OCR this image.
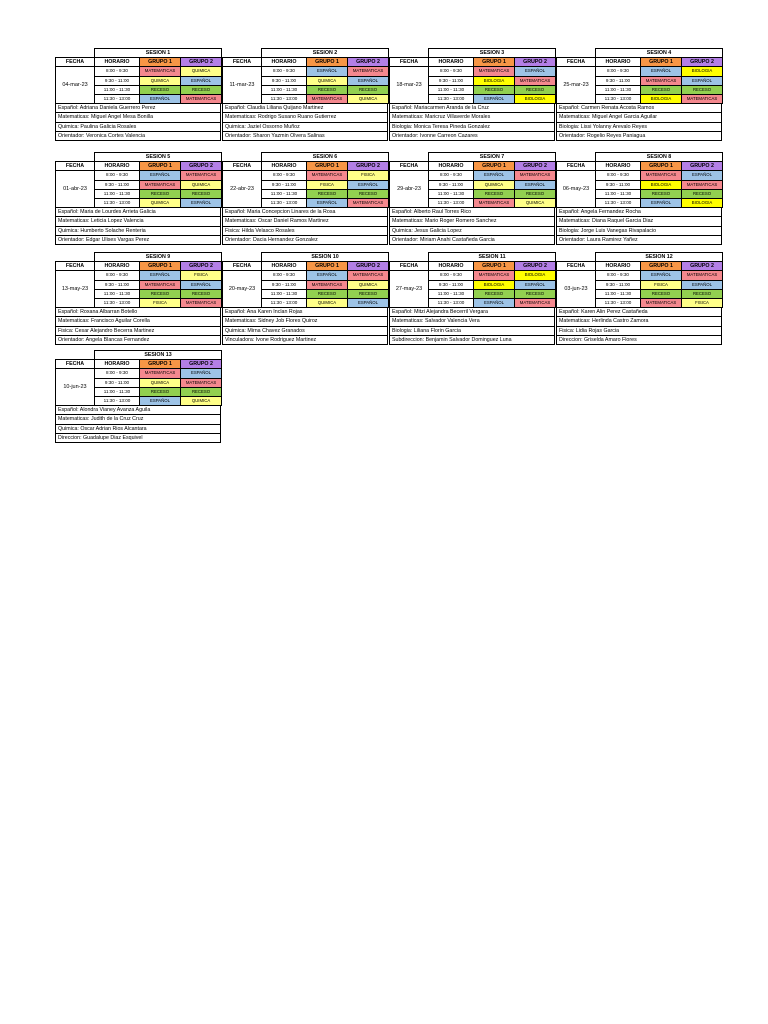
	SESION 1		
FECHA	HORARIO	GRUPO 1	GRUPO 2
04-mar-23	8:00 - 9:30	MATEMATICAS	QUIMICA
	9:30 - 11:00	QUIMICA	ESPAÑOL
	11:00 - 11:30	RECESO	RECESO
	11:30 - 13:00	ESPAÑOL	MATEMATICAS
Español: Adriana Daniela Guerrero Perez
Matematicas: Miguel Angel Mesa Bonilla
Quimica: Paulina Galicia Rosales
Orientador: Veronica Cortes Valencia
	SESION 2		
FECHA	HORARIO	GRUPO 1	GRUPO 2
11-mar-23	8:00 - 9:30	ESPAÑOL	MATEMATICAS
	9:30 - 11:00	QUIMICA	ESPAÑOL
	11:00 - 11:30	RECESO	RECESO
	11:30 - 13:00	MATEMATICAS	QUIMICA
Español: Claudia Liliana Quijano Martinez
Matematicas: Rodrigo Susano Ruano Gutierrez
Quimica: Jaziel Ossorno Muñoz
Orientador: Sharon Yazmin Olvera Salinas
	SESION 3		
FECHA	HORARIO	GRUPO 1	GRUPO 2
18-mar-23	8:00 - 9:30	MATEMATICAS	ESPAÑOL
	9:30 - 11:00	BIOLOGIA	MATEMATICAS
	11:00 - 11:30	RECESO	RECESO
	11:30 - 13:00	ESPAÑOL	BIOLOGIA
Español: Mariacarmen Aranda de la Cruz
Matematicas: Maricruz Villaverde Morales
Biologia: Monica Teresa Pineda Gonzalez
Orientador: Ivonne Carreon Cazares
	SESION 4		
FECHA	HORARIO	GRUPO 1	GRUPO 2
25-mar-23	8:00 - 9:30	ESPAÑOL	BIOLOGIA
	9:30 - 11:00	MATEMATICAS	ESPAÑOL
	11:00 - 11:30	RECESO	RECESO
	11:30 - 13:00	BIOLOGIA	MATEMATICAS
Español: Carmen Renata Acosta Ramos
Matematicas: Miguel Angel Garcia Aguilar
Biologia: Lissi Yolanny Arevalo Reyes
Orientador: Rogelio Reyes Paniagua
	SESION 5		
FECHA	HORARIO	GRUPO 1	GRUPO 2
01-abr-23	8:00 - 9:30	ESPAÑOL	MATEMATICAS
	9:30 - 11:00	MATEMATICAS	QUIMICA
	11:00 - 11:30	RECESO	RECESO
	11:30 - 13:00	QUIMICA	ESPAÑOL
Español: Maria de Lourdes Arrieta Galicia
Matematicas: Leticia Lopez Valencia
Quimica: Humberto Solache Renteria
Orientador: Edgar Ulises Vargas Perez
	SESION 6		
FECHA	HORARIO	GRUPO 1	GRUPO 2
22-abr-23	8:00 - 9:30	MATEMATICAS	FISICA
	9:30 - 11:00	FISICA	ESPAÑOL
	11:00 - 11:30	RECESO	RECESO
	11:30 - 13:00	ESPAÑOL	MATEMATICAS
Español: Maria Concepcion Linares de la Rosa
Matematicas: Oscar Daniel Ramos Martinez
Fisica: Hilda Velasco Rosales
Orientador: Dacia Hernandez Gonzalez
	SESION 7		
FECHA	HORARIO	GRUPO 1	GRUPO 2
29-abr-23	8:00 - 9:30	ESPAÑOL	MATEMATICAS
	9:30 - 11:00	QUIMICA	ESPAÑOL
	11:00 - 11:30	RECESO	RECESO
	11:30 - 13:00	MATEMATICAS	QUIMICA
Español: Alberto Raul Torres Rico
Matematicas: Mario Roger Romero Sanchez
Quimica: Jesus Galicia Lopez
Orientador: Miriam Anahi Castañeda Garcia
	SESION 8		
FECHA	HORARIO	GRUPO 1	GRUPO 2
06-may-23	8:00 - 9:30	MATEMATICAS	ESPAÑOL
	9:30 - 11:00	BIOLOGIA	MATEMATICAS
	11:00 - 11:30	RECESO	RECESO
	11:30 - 13:00	ESPAÑOL	BIOLOGIA
Español: Angela Fernandez Rocha
Matematicas: Diana Raquel Garcia Diaz
Biologia: Jorge Luis Vanegas Rivapalacio
Orientador: Laura Ramirez Yañez
	SESION 9		
FECHA	HORARIO	GRUPO 1	GRUPO 2
13-may-23	8:00 - 9:30	ESPAÑOL	FISICA
	9:30 - 11:00	MATEMATICAS	ESPAÑOL
	11:00 - 11:30	RECESO	RECESO
	11:30 - 13:00	FISICA	MATEMATICAS
Español: Roxana Albarran Botello
Matematicas: Francisco Aguilar Corella
Fisica: Cesar Alejandro Becerra Martinez
Orientador: Angela Blancas Fernandez
	SESION 10		
FECHA	HORARIO	GRUPO 1	GRUPO 2
20-may-23	8:00 - 9:30	ESPAÑOL	MATEMATICAS
	9:30 - 11:00	MATEMATICAS	QUIMICA
	11:00 - 11:30	RECESO	RECESO
	11:30 - 13:00	QUIMICA	ESPAÑOL
Español: Ana Karen Inclan Rojas
Matematicas: Sidney Job Flores Quiroz
Quimica: Mirna Chavez Granados
Vinculadora: Ivone Rodriguez Martinez
	SESION 11		
FECHA	HORARIO	GRUPO 1	GRUPO 2
27-may-23	8:00 - 9:30	MATEMATICAS	BIOLOGIA
	9:30 - 11:00	BIOLOGIA	ESPAÑOL
	11:00 - 11:30	RECESO	RECESO
	11:30 - 13:00	ESPAÑOL	MATEMATICAS
Español: Mitzi Alejandra Becerril Vergara
Matematicas: Salvador Valencia Vera
Biologia: Liliana Florin Garcia
Subdireccion: Benjamin Salvador Dominguez Luna
	SESION 12		
FECHA	HORARIO	GRUPO 1	GRUPO 2
03-jun-23	8:00 - 9:30	ESPAÑOL	MATEMATICAS
	9:30 - 11:00	FISICA	ESPAÑOL
	11:00 - 11:30	RECESO	RECESO
	11:30 - 13:00	MATEMATICAS	FISICA
Español: Karen Alin Perez Castañeda
Matematicas: Herlinda Castro Zamora
Fisica: Lidia Rojas Garcia
Direccion: Griselda Amaro Flores
	SESION 13		
FECHA	HORARIO	GRUPO 1	GRUPO 2
10-jun-23	8:00 - 9:30	MATEMATICAS	ESPAÑOL
	9:30 - 11:00	QUIMICA	MATEMATICAS
	11:00 - 11:30	RECESO	RECESO
	11:30 - 13:00	ESPAÑOL	QUIMICA
Español: Alondra Vianey Avanza Aguila
Matematicas: Judith de la Cruz Cruz
Quimica: Oscar Adrian Rios Alcantara
Direccion: Guadalupe Diaz Esquivel
